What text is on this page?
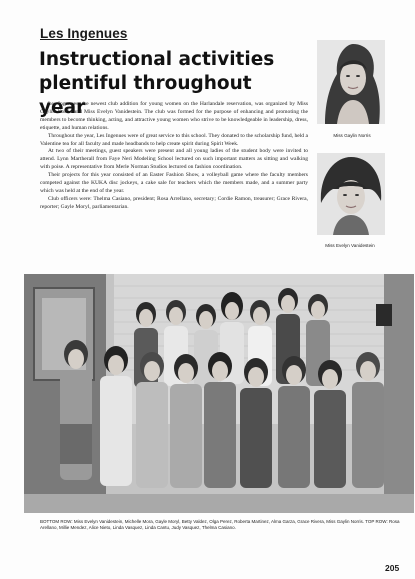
Les Ingenues
Instructional activities
plentiful throughout year

Les Ingenues, the newest club addition for young women on the Harlandale reservation, was organized by Miss Gaylin Norris and Miss Evelyn Vanidestein. The club was formed for the purpose of enhancing and promoting the members to become thinking, acting, and attractive young women who strive to be knowledgeable in leadership, dress, etiquette, and human relations.

Throughout the year, Les Ingenues were of great service to this school. They donated to the scholarship fund, held a Valentine tea for all faculty and made headbands to help create spirit during Spirit Week.

At two of their meetings, guest speakers were present and all young ladies of the student body were invited to attend. Lynn Martherall from Faye Neri Modeling School lectured on such important matters as sitting and walking with poise. A representative from Merle Norman Studios lectured on fashion coordination.

Their projects for this year consisted of an Easter Fashion Show, a volleyball game where the faculty members competed against the KUKA disc jockeys, a cake sale for teachers which the members made, and a summer party which was held at the end of the year.

Club officers were: Thelma Casiano, president; Rosa Arrellano, secretary; Cordie Ramon, treasurer; Grace Rivera, reporter; Gayle Moryl, parliamentarian.

Miss Gaylin Norris
Miss Evelyn Vanidestein
BOTTOM ROW: Miss Evelyn Vanidestein, Michelle Mora, Gayle Moryl, Betty Valdez, Olga Perez, Roberta Martinez, Alma Garza, Grace Rivera, Miss Gaylin Norris. TOP ROW: Rosa Arellano, Millie Mendez, Alice Nieto, Linda Vasquez, Linda Cantu, Judy Vasquez, Thelma Casiano.
205
